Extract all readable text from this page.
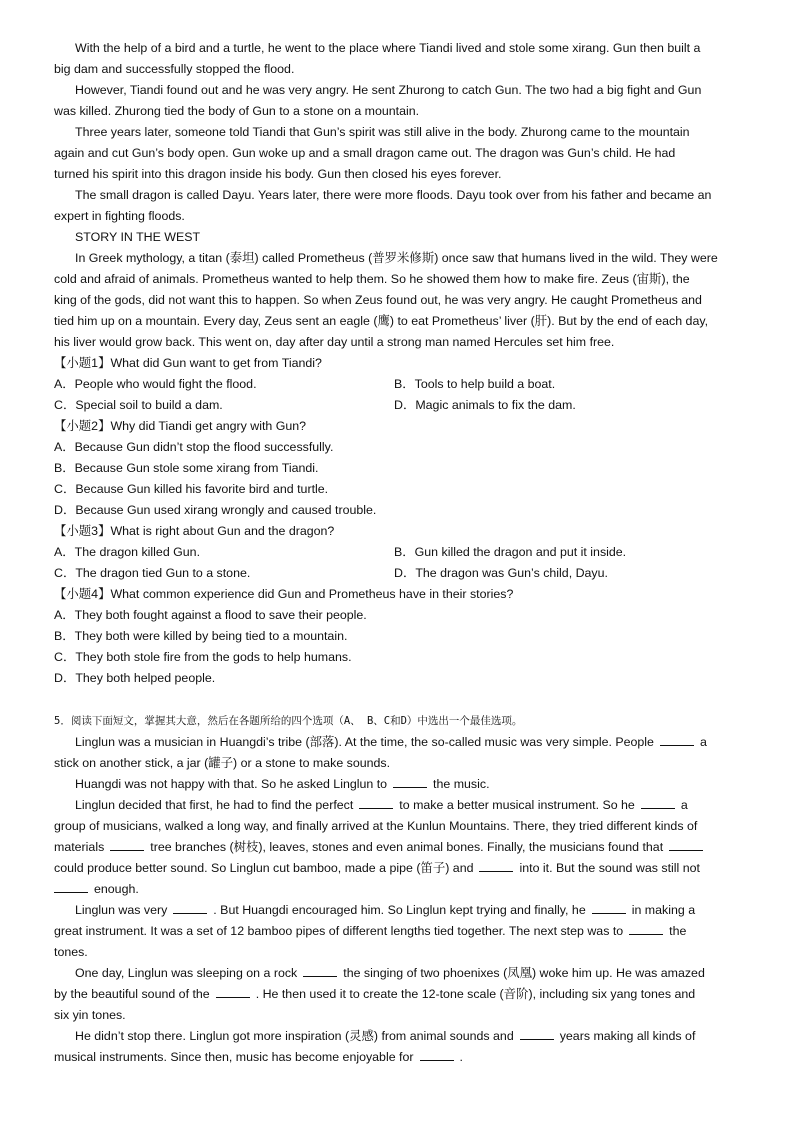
With the help of a bird and a turtle, he went to the place where Tiandi lived and stole some xirang. Gun then built a
big dam and successfully stopped the flood.
However, Tiandi found out and he was very angry. He sent Zhurong to catch Gun. The two had a big fight and Gun
was killed. Zhurong tied the body of Gun to a stone on a mountain.
Three years later, someone told Tiandi that Gun’s spirit was still alive in the body. Zhurong came to the mountain
again and cut Gun’s body open. Gun woke up and a small dragon came out. The dragon was Gun’s child. He had
turned his spirit into this dragon inside his body. Gun then closed his eyes forever.
The small dragon is called Dayu. Years later, there were more floods. Dayu took over from his father and became an
expert in fighting floods.
STORY IN THE WEST
In Greek mythology, a titan (泰坦) called Prometheus (普罗米修斯) once saw that humans lived in the wild. They were
cold and afraid of animals. Prometheus wanted to help them. So he showed them how to make fire. Zeus (宙斯), the
king of the gods, did not want this to happen. So when Zeus found out, he was very angry. He caught Prometheus and
tied him up on a mountain. Every day, Zeus sent an eagle (鹰) to eat Prometheus’ liver (肝). But by the end of each day,
his liver would grow back. This went on, day after day until a strong man named Hercules set him free.
【小题1】What did Gun want to get from Tiandi?
A．People who would fight the flood.	B．Tools to help build a boat.
C．Special soil to build a dam.	D．Magic animals to fix the dam.
【小题2】Why did Tiandi get angry with Gun?
A．Because Gun didn’t stop the flood successfully.
B．Because Gun stole some xirang from Tiandi.
C．Because Gun killed his favorite bird and turtle.
D．Because Gun used xirang wrongly and caused trouble.
【小题3】What is right about Gun and the dragon?
A．The dragon killed Gun.	B．Gun killed the dragon and put it inside.
C．The dragon tied Gun to a stone.	D．The dragon was Gun’s child, Dayu.
【小题4】What common experience did Gun and Prometheus have in their stories?
A．They both fought against a flood to save their people.
B．They both were killed by being tied to a mountain.
C．They both stole fire from the gods to help humans.
D．They both helped people.
5．阅读下面短文，掌握其大意，然后在各题所给的四个选项（A、 B、C和D）中选出一个最佳选项。
Linglun was a musician in Huangdi’s tribe (部落). At the time, the so-called music was very simple. People	a
stick on another stick, a jar (罐子) or a stone to make sounds.
Huangdi was not happy with that. So he asked Linglun to	the music.
Linglun decided that first, he had to find the perfect	to make a better musical instrument. So he	a
group of musicians, walked a long way, and finally arrived at the Kunlun Mountains. There, they tried different kinds of
materials	tree branches (树枝), leaves, stones and even animal bones. Finally, the musicians found that
could produce better sound. So Linglun cut bamboo, made a pipe (笛子) and	into it. But the sound was still not
enough.
Linglun was very	. But Huangdi encouraged him. So Linglun kept trying and finally, he	in making a
great instrument. It was a set of 12 bamboo pipes of different lengths tied together. The next step was to	the
tones.
One day, Linglun was sleeping on a rock	the singing of two phoenixes (凤凰) woke him up. He was amazed
by the beautiful sound of the	. He then used it to create the 12-tone scale (音阶), including six yang tones and
six yin tones.
He didn’t stop there. Linglun got more inspiration (灵感) from animal sounds and	years making all kinds of
musical instruments. Since then, music has become enjoyable for	.
